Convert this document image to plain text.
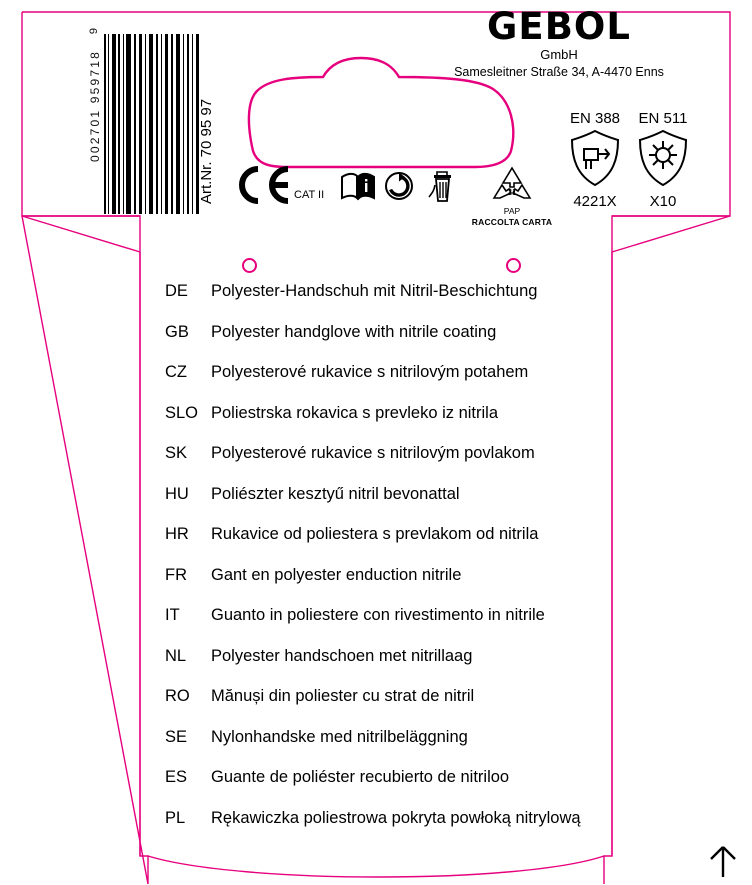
9
002701 959718	Art.Nr. 70 95 97
GEBOL
GmbH
Samesleitner Straße 34, A-4470 Enns
CAT II	21
PAP
RACCOLTA CARTA
EN 388
4221X
EN 511
X10
DE	Polyester-Handschuh mit Nitril-Beschichtung
GB	Polyester handglove with nitrile coating
CZ	Polyesterové rukavice s nitrilovým potahem
SLO Poliestrska rokavica s prevleko iz nitrila
SK	Polyesterové rukavice s nitrilovým povlakom
HU	Poliészter kesztyű nitril bevonattal
HR	Rukavice od poliestera s prevlakom od nitrila
FR	Gant en polyester enduction nitrile
IT	Guanto in poliestere con rivestimento in nitrile
NL	Polyester handschoen met nitrillaag
RO	Mănuși din poliester cu strat de nitril
SE	Nylonhandske med nitrilbeläggning
ES	Guante de poliéster recubierto de nitriloo
PL	Rękawiczka poliestrowa pokryta powłoką nitrylową
